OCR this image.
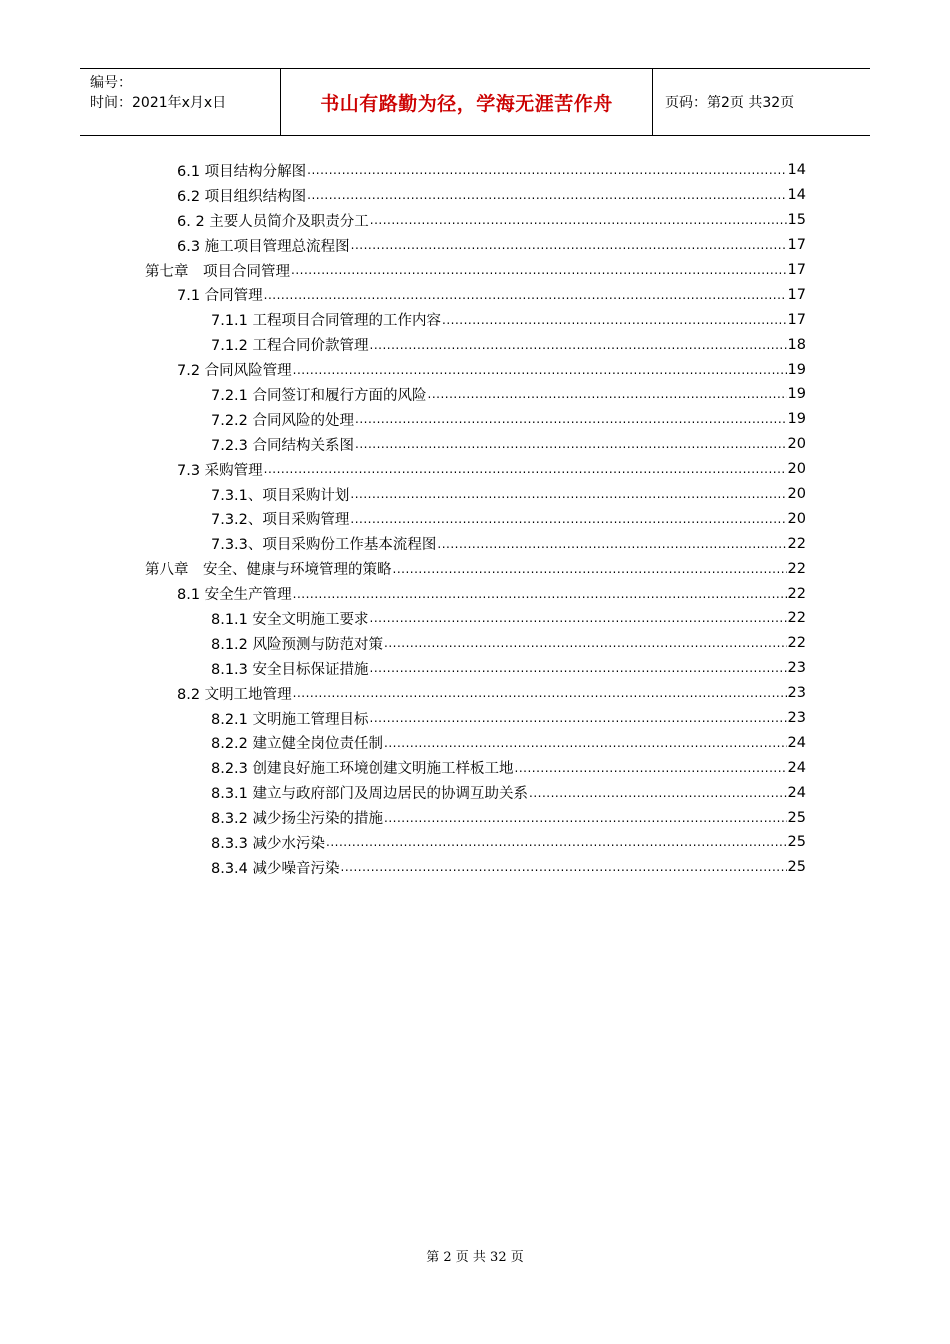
编号：
时间：2021年x月x日	书山有路勤为径，学海无涯苦作舟	页码：第2页 共32页
6.1 项目结构分解图 .....	14
6.2 项目组织结构图 .....	14
6. 2 主要人员简介及职责分工 .....	15
6.3 施工项目管理总流程图 .....	17
第七章　项目合同管理 .....	17
7.1 合同管理 .....	17
7.1.1 工程项目合同管理的工作内容 .....	17
7.1.2 工程合同价款管理 .....	18
7.2 合同风险管理 .....	19
7.2.1 合同签订和履行方面的风险 .....	19
7.2.2 合同风险的处理 .....	19
7.2.3 合同结构关系图 .....	20
7.3 采购管理 .....	20
7.3.1、项目采购计划 .....	20
7.3.2、项目采购管理 .....	20
7.3.3、项目采购份工作基本流程图 .....	22
第八章　安全、健康与环境管理的策略 .....	22
8.1 安全生产管理 .....	22
8.1.1 安全文明施工要求 .....	22
8.1.2 风险预测与防范对策 .....	22
8.1.3 安全目标保证措施 .....	23
8.2 文明工地管理 .....	23
8.2.1 文明施工管理目标 .....	23
8.2.2 建立健全岗位责任制 .....	24
8.2.3 创建良好施工环境创建文明施工样板工地 .....	24
8.3.1 建立与政府部门及周边居民的协调互助关系 .....	24
8.3.2 减少扬尘污染的措施 .....	25
8.3.3 减少水污染 .....	25
8.3.4 减少噪音污染 .....	25
第 2 页 共 32 页
